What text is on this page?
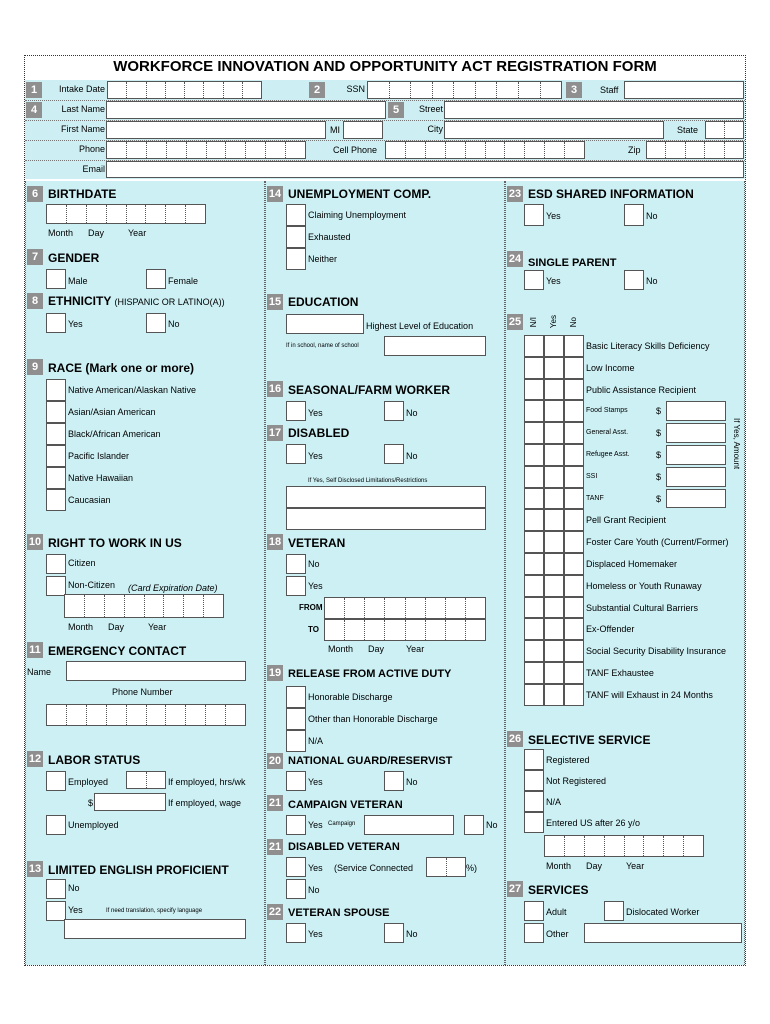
WORKFORCE INNOVATION AND OPPORTUNITY ACT REGISTRATION FORM
1	Intake Date	2	SSN	3	Staff
4	Last Name	5	Street
First Name	MI	City	State
Phone	Cell Phone	Zip
Email
6 BIRTHDATE
Month Day	Year
7 GENDER
Male	Female
8 ETHNICITY (HISPANIC OR LATINO(A))
Yes	No
9 RACE (Mark one or more)
Native American/Alaskan Native
Asian/Asian American
Black/African American
Pacific Islander
Native Hawaiian
Caucasian
10 RIGHT TO WORK IN US
Citizen
Non-Citizen (Card Expiration Date)
Month Day	Year
11 EMERGENCY CONTACT
Name
Phone Number
12 LABOR STATUS
Employed	If employed, hrs/wk
$	If employed, wage
Unemployed
13 LIMITED ENGLISH PROFICIENT
No
Yes	If need translation, specify language
14 UNEMPLOYMENT COMP.
Claiming Unemployment
Exhausted
Neither
15 EDUCATION
Highest Level of Education
If in school, name of school
16 SEASONAL/FARM WORKER
Yes	No
17 DISABLED
Yes	No
If Yes, Self Disclosed Limitations/Restrictions
18 VETERAN
No
Yes
FROM
TO
Month Day Year
19 RELEASE FROM ACTIVE DUTY
Honorable Discharge
Other than Honorable Discharge
N/A
20 NATIONAL GUARD/RESERVIST
Yes	No
21 CAMPAIGN VETERAN
Yes Campaign	No
21 DISABLED VETERAN
Yes (Service Connected	%)
No
22 VETERAN SPOUSE
Yes	No
23 ESD SHARED INFORMATION
Yes	No
24 SINGLE PARENT
Yes	No
25 N/I Yes No
Basic Literacy Skills Deficiency
Low Income
Public Assistance Recipient
Food Stamps	$
General Asst.	$
Refugee Asst.	$
SSI	$
TANF	$
Pell Grant Recipient
Foster Care Youth (Current/Former)
Displaced Homemaker
Homeless or Youth Runaway
Substantial Cultural Barriers
Ex-Offender
Social Security Disability Insurance
TANF Exhaustee
TANF will Exhaust in 24 Months
If Yes, Amount
26 SELECTIVE SERVICE
Registered
Not Registered
N/A
Entered US after 26 y/o
Month Day	Year
27 SERVICES
Adult	Dislocated Worker
Other
